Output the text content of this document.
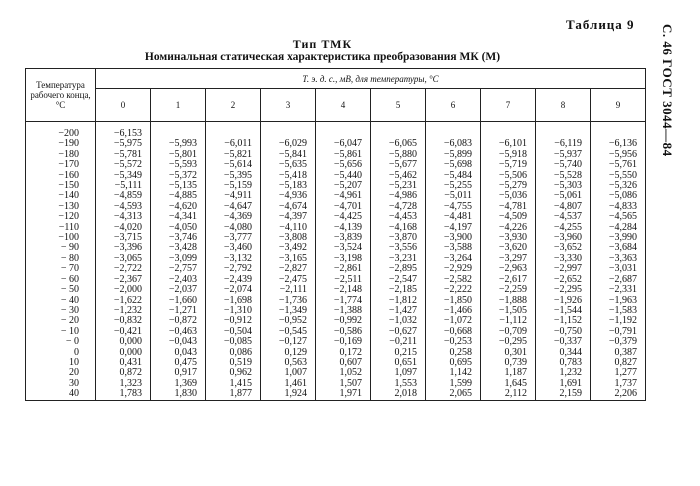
Таблица 9 С. 46 ГОСТ 3044—84
Тип ТМК
Номинальная статическая характеристика преобразования МК (М)
Температура рабочего конца, °С	Т. э. д. с., мВ, для температуры, °С									
	0	1	2	3	4	5	6	7	8	9
−200	−6,153									
−190	−5,975	−5,993	−6,011	−6,029	−6,047	−6,065	−6,083	−6,101	−6,119	−6,136
−180	−5,781	−5,801	−5,821	−5,841	−5,861	−5,880	−5,899	−5,918	−5,937	−5,956
−170	−5,572	−5,593	−5,614	−5,635	−5,656	−5,677	−5,698	−5,719	−5,740	−5,761
−160	−5,349	−5,372	−5,395	−5,418	−5,440	−5,462	−5,484	−5,506	−5,528	−5,550
−150	−5,111	−5,135	−5,159	−5,183	−5,207	−5,231	−5,255	−5,279	−5,303	−5,326
−140	−4,859	−4,885	−4,911	−4,936	−4,961	−4,986	−5,011	−5,036	−5,061	−5,086
−130	−4,593	−4,620	−4,647	−4,674	−4,701	−4,728	−4,755	−4,781	−4,807	−4,833
−120	−4,313	−4,341	−4,369	−4,397	−4,425	−4,453	−4,481	−4,509	−4,537	−4,565
−110	−4,020	−4,050	−4,080	−4,110	−4,139	−4,168	−4,197	−4,226	−4,255	−4,284
−100	−3,715	−3,746	−3,777	−3,808	−3,839	−3,870	−3,900	−3,930	−3,960	−3,990
− 90	−3,396	−3,428	−3,460	−3,492	−3,524	−3,556	−3,588	−3,620	−3,652	−3,684
− 80	−3,065	−3,099	−3,132	−3,165	−3,198	−3,231	−3,264	−3,297	−3,330	−3,363
− 70	−2,722	−2,757	−2,792	−2,827	−2,861	−2,895	−2,929	−2,963	−2,997	−3,031
− 60	−2,367	−2,403	−2,439	−2,475	−2,511	−2,547	−2,582	−2,617	−2,652	−2,687
− 50	−2,000	−2,037	−2,074	−2,111	−2,148	−2,185	−2,222	−2,259	−2,295	−2,331
− 40	−1,622	−1,660	−1,698	−1,736	−1,774	−1,812	−1,850	−1,888	−1,926	−1,963
− 30	−1,232	−1,271	−1,310	−1,349	−1,388	−1,427	−1,466	−1,505	−1,544	−1,583
− 20	−0,832	−0,872	−0,912	−0,952	−0,992	−1,032	−1,072	−1,112	−1,152	−1,192
− 10	−0,421	−0,463	−0,504	−0,545	−0,586	−0,627	−0,668	−0,709	−0,750	−0,791
− 0	0,000	−0,043	−0,085	−0,127	−0,169	−0,211	−0,253	−0,295	−0,337	−0,379
0	0,000	0,043	0,086	0,129	0,172	0,215	0,258	0,301	0,344	0,387
10	0,431	0,475	0,519	0,563	0,607	0,651	0,695	0,739	0,783	0,827
20	0,872	0,917	0,962	1,007	1,052	1,097	1,142	1,187	1,232	1,277
30	1,323	1,369	1,415	1,461	1,507	1,553	1,599	1,645	1,691	1,737
40	1,783	1,830	1,877	1,924	1,971	2,018	2,065	2,112	2,159	2,206
